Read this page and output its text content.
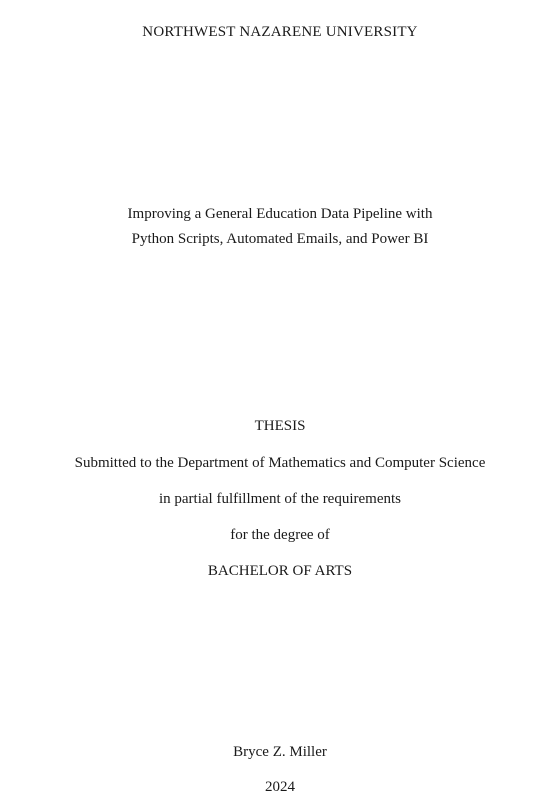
NORTHWEST NAZARENE UNIVERSITY
Improving a General Education Data Pipeline with
Python Scripts, Automated Emails, and Power BI
THESIS
Submitted to the Department of Mathematics and Computer Science
in partial fulfillment of the requirements
for the degree of
BACHELOR OF ARTS
Bryce Z. Miller
2024
